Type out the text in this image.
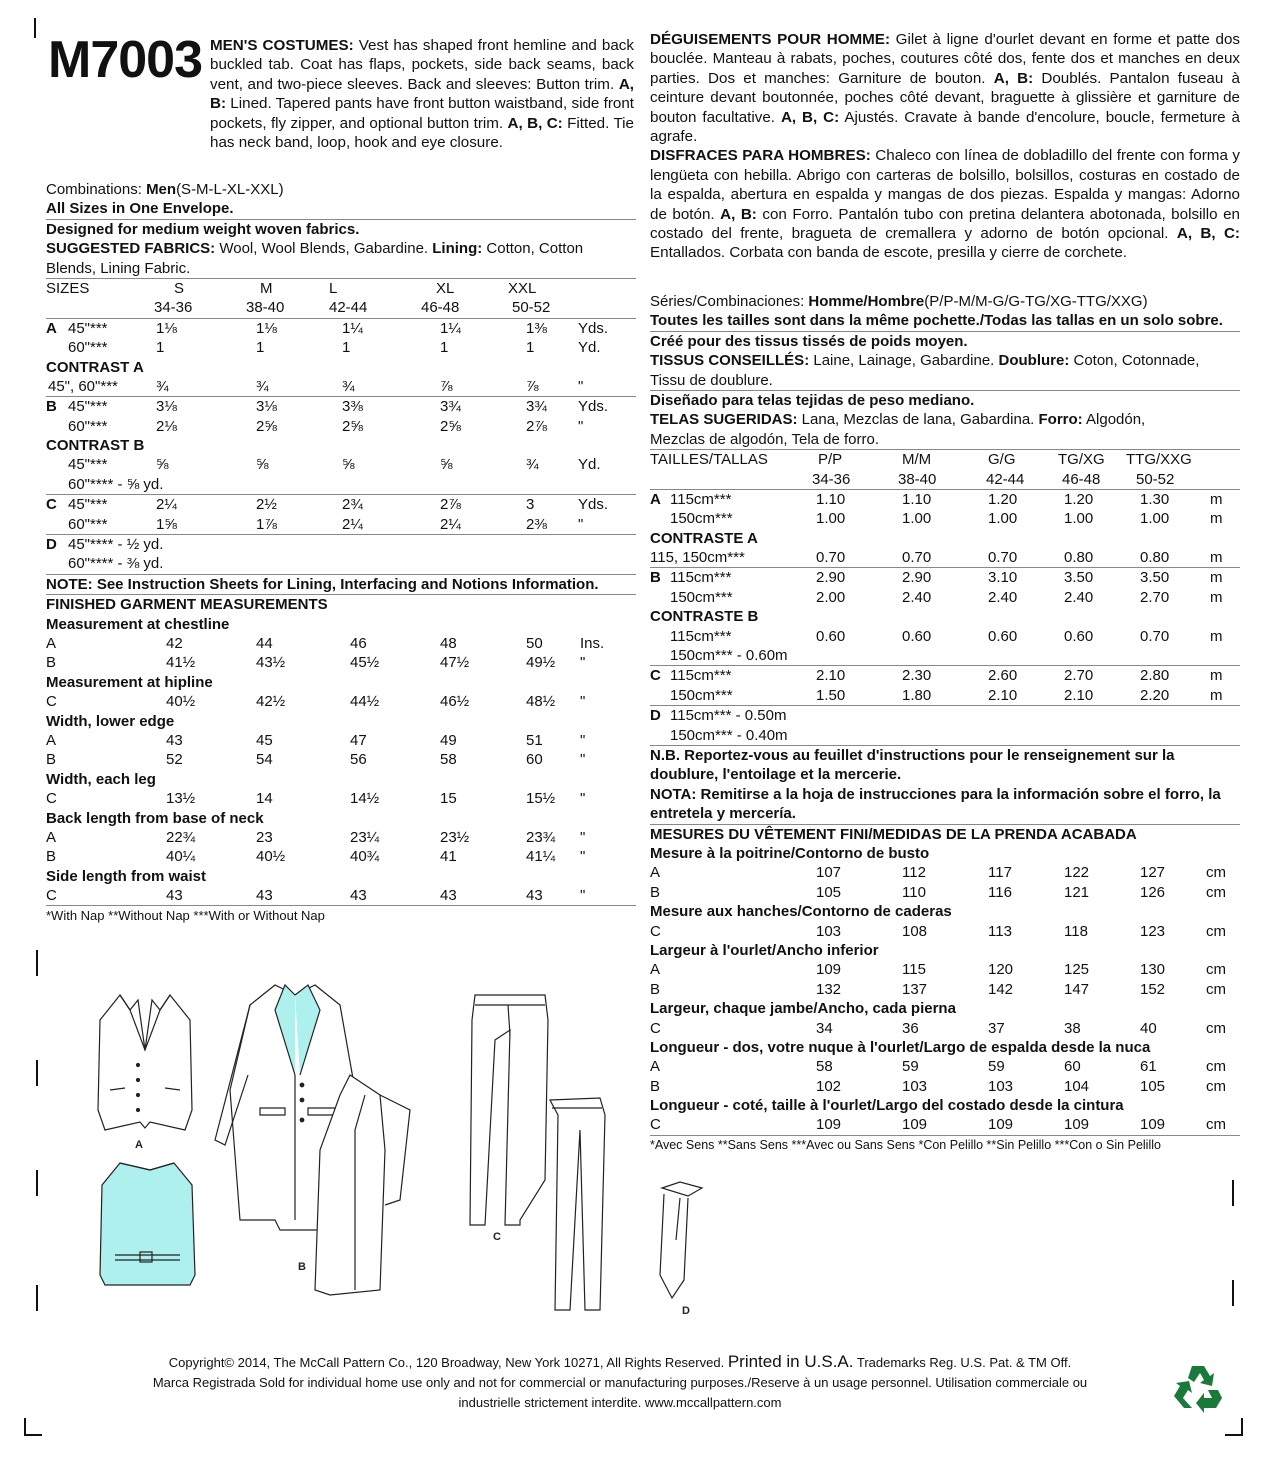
M7003 MEN'S COSTUMES: Vest has shaped front hemline and back buckled tab. Coat has flaps, pockets, side back seams, back vent, and two-piece sleeves. Back and sleeves: Button trim. A, B: Lined. Tapered pants have front button waistband, side front pockets, fly zipper, and optional button trim. A, B, C: Fitted. Tie has neck band, loop, hook and eye closure.

Combinations: Men(S-M-L-XL-XXL)
All Sizes in One Envelope.
Designed for medium weight woven fabrics.
SUGGESTED FABRICS: Wool, Wool Blends, Gabardine. Lining: Cotton, Cotton
Blends, Lining Fabric.
SIZES	S	M	L	XL	XXL
34-36	38-40	42-44	46-48	50-52
A 45"***	1⅛	1⅛	1¼	1¼	1⅜ Yds.
60"***	1	1	1	1	1	Yd.
CONTRAST A
45", 60"***	¾	¾	¾	⅞	⅞	"
B 45"***	3⅛	3⅛	3⅜	3¾	3¾ Yds.
60"***	2⅛	2⅝	2⅝	2⅝	2⅞ "
CONTRAST B
45"***	⅝	⅝	⅝	⅝	¾	Yd.
60"**** - ⅝ yd.
C 45"***	2¼	2½	2¾	2⅞	3	Yds.
60"***	1⅝	1⅞	2¼	2¼	2⅜ "
D 45"**** - ½ yd.
60"**** - ⅜ yd.
NOTE: See Instruction Sheets for Lining, Interfacing and Notions Information.
FINISHED GARMENT MEASUREMENTS
Measurement at chestline
A	42	44	46	48	50 Ins.
B	41½	43½	45½	47½	49½ "
Measurement at hipline
C	40½	42½	44½	46½	48½ "
Width, lower edge
A	43	45	47	49	51 "
B	52	54	56	58	60 "
Width, each leg
C	13½	14	14½	15	15½ "
Back length from base of neck
A	22¾	23	23¼	23½	23¾ "
B	40¼	40½	40¾	41	41¼ "
Side length from waist
C	43	43	43	43	43 "
*With Nap **Without Nap ***With or Without Nap

DÉGUISEMENTS POUR HOMME: Gilet à ligne d'ourlet devant en forme et patte dos bouclée. Manteau à rabats, poches, coutures côté dos, fente dos et manches en deux parties. Dos et manches: Garniture de bouton. A, B: Doublés. Pantalon fuseau à ceinture devant boutonnée, poches côté devant, braguette à glissière et garniture de bouton facultative. A, B, C: Ajustés. Cravate à bande d'encolure, boucle, fermeture à agrafe.

DISFRACES PARA HOMBRES: Chaleco con línea de dobladillo del frente con forma y lengüeta con hebilla. Abrigo con carteras de bolsillo, bolsillos, costuras en costado de la espalda, abertura en espalda y mangas de dos piezas. Espalda y mangas: Adorno de botón. A, B: con Forro. Pantalón tubo con pretina delantera abotonada, bolsillo en costado del frente, bragueta de cremallera y adorno de botón opcional. A, B, C: Entallados. Corbata con banda de escote, presilla y cierre de corchete.

Séries/Combinaciones: Homme/Hombre(P/P-M/M-G/G-TG/XG-TTG/XXG)
Toutes les tailles sont dans la même pochette./Todas las tallas en un solo sobre.
Créé pour des tissus tissés de poids moyen.
TISSUS CONSEILLÉS: Laine, Lainage, Gabardine. Doublure: Coton, Cotonnade,
Tissu de doublure.
Diseñado para telas tejidas de peso mediano.
TELAS SUGERIDAS: Lana, Mezclas de lana, Gabardina. Forro: Algodón,
Mezclas de algodón, Tela de forro.
TAILLES/TALLAS	P/P	M/M	G/G	TG/XG TTG/XXG
34-36	38-40	42-44	46-48 50-52
A 115cm***	1.10	1.10	1.20	1.20	1.30	m
150cm***	1.00	1.00	1.00	1.00	1.00	m
CONTRASTE A
115, 150cm***	0.70	0.70	0.70	0.80	0.80	m
B 115cm***	2.90	2.90	3.10	3.50	3.50	m
150cm***	2.00	2.40	2.40	2.40	2.70	m
CONTRASTE B
115cm***	0.60	0.60	0.60	0.60	0.70	m
150cm*** - 0.60m
C 115cm***	2.10	2.30	2.60	2.70	2.80	m
150cm***	1.50	1.80	2.10	2.10	2.20	m
D 115cm*** - 0.50m
150cm*** - 0.40m
N.B. Reportez-vous au feuillet d'instructions pour le renseignement sur la doublure, l'entoilage et la mercerie.
NOTA: Remitirse a la hoja de instrucciones para la información sobre el forro, la entretela y mercería.
MESURES DU VÊTEMENT FINI/MEDIDAS DE LA PRENDA ACABADA
Mesure à la poitrine/Contorno de busto
A	107	112	117	122	127	cm
B	105	110	116	121	126	cm
Mesure aux hanches/Contorno de caderas
C	103	108	113	118	123	cm
Largeur à l'ourlet/Ancho inferior
A	109	115	120	125	130	cm
B	132	137	142	147	152	cm
Largeur, chaque jambe/Ancho, cada pierna
C	34	36	37	38	40	cm
Longueur - dos, votre nuque à l'ourlet/Largo de espalda desde la nuca
A	58	59	59	60	61	cm
B	102	103	103	104	105	cm
Longueur - coté, taille à l'ourlet/Largo del costado desde la cintura
C	109	109	109	109	109	cm
*Avec Sens **Sans Sens ***Avec ou Sans Sens *Con Pelillo **Sin Pelillo ***Con o Sin Pelillo
A
B
C
D
Copyright© 2014, The McCall Pattern Co., 120 Broadway, New York 10271, All Rights Reserved. Printed in U.S.A. Trademarks Reg. U.S. Pat. & TM Off.
Marca Registrada Sold for individual home use only and not for commercial or manufacturing purposes./Reserve à un usage personnel. Utilisation commerciale ou
industrielle strictement interdite. www.mccallpattern.com
